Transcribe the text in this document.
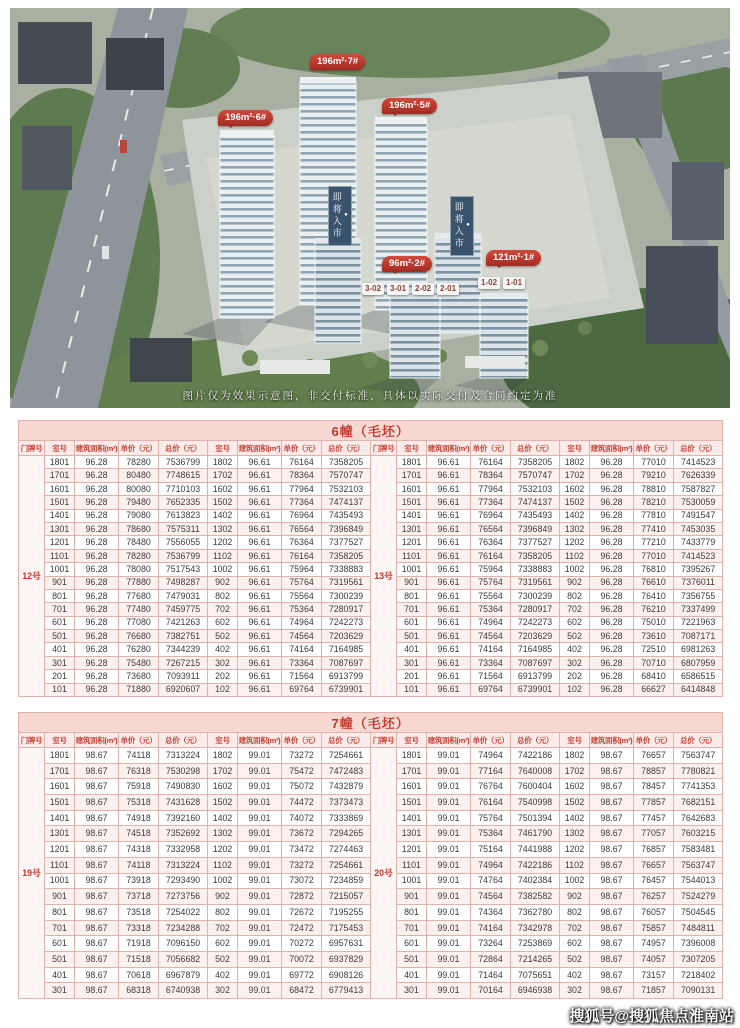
196m²·7#
196m²·5#
196m²·6#
96m²·2#
121m²·1#
● 即将入市	● 即将入市
3-02 3-01 2-02 2-01
1-02 1-01
图片仅为效果示意图，非交付标准，具体以实际交付及合同约定为准
6幢（毛坯）																	
门牌号	室号	建筑面积(m²)	单价（元）	总价（元）	室号	建筑面积(m²)	单价（元）	总价（元）	门牌号	室号	建筑面积(m²)	单价（元）	总价（元）	室号	建筑面积(m²)	单价（元）	总价（元）
12号	1801	96.28	78280	7536799	1802	96.61	76164	7358205	13号	1801	96.61	76164	7358205	1802	96.28	77010	7414523
	1701	96.28	80480	7748615	1702	96.61	78364	7570747		1701	96.61	78364	7570747	1702	96.28	79210	7626339
	1601	96.28	80080	7710103	1602	96.61	77964	7532103		1601	96.61	77964	7532103	1602	96.28	78810	7587827
	1501	96.28	79480	7652335	1502	96.61	77364	7474137		1501	96.61	77364	7474137	1502	96.28	78210	7530059
	1401	96.28	79080	7613823	1402	96.61	76964	7435493		1401	96.61	76964	7435493	1402	96.28	77810	7491547
	1301	96.28	78680	7575311	1302	96.61	76564	7396849		1301	96.61	76564	7396849	1302	96.28	77410	7453035
	1201	96.28	78480	7556055	1202	96.61	76364	7377527		1201	96.61	76364	7377527	1202	96.28	77210	7433779
	1101	96.28	78280	7536799	1102	96.61	76164	7358205		1101	96.61	76164	7358205	1102	96.28	77010	7414523
	1001	96.28	78080	7517543	1002	96.61	75964	7338883		1001	96.61	75964	7338883	1002	96.28	76810	7395267
	901	96.28	77880	7498287	902	96.61	75764	7319561		901	96.61	75764	7319561	902	96.28	76610	7376011
	801	96.28	77680	7479031	802	96.61	75564	7300239		801	96.61	75564	7300239	802	96.28	76410	7356755
	701	96.28	77480	7459775	702	96.61	75364	7280917		701	96.61	75364	7280917	702	96.28	76210	7337499
	601	96.28	77080	7421263	602	96.61	74964	7242273		601	96.61	74964	7242273	602	96.28	75010	7221963
	501	96.28	76680	7382751	502	96.61	74564	7203629		501	96.61	74564	7203629	502	96.28	73610	7087171
	401	96.28	76280	7344239	402	96.61	74164	7164985		401	96.61	74164	7164985	402	96.28	72510	6981263
	301	96.28	75480	7267215	302	96.61	73364	7087697		301	96.61	73364	7087697	302	96.28	70710	6807959
	201	96.28	73680	7093911	202	96.61	71564	6913799		201	96.61	71564	6913799	202	96.28	68410	6586515
	101	96.28	71880	6920607	102	96.61	69764	6739901		101	96.61	69764	6739901	102	96.28	66627	6414848
7幢（毛坯）																	
门牌号	室号	建筑面积(m²)	单价（元）	总价（元）	室号	建筑面积(m²)	单价（元）	总价（元）	门牌号	室号	建筑面积(m²)	单价（元）	总价（元）	室号	建筑面积(m²)	单价（元）	总价（元）
19号	1801	98.67	74118	7313224	1802	99.01	73272	7254661	20号	1801	99.01	74964	7422186	1802	98.67	76657	7563747
	1701	98.67	76318	7530298	1702	99.01	75472	7472483		1701	99.01	77164	7640008	1702	98.67	78857	7780821
	1601	98.67	75918	7490830	1602	99.01	75072	7432879		1601	99.01	76764	7600404	1602	98.67	78457	7741353
	1501	98.67	75318	7431628	1502	99.01	74472	7373473		1501	99.01	76164	7540998	1502	98.67	77857	7682151
	1401	98.67	74918	7392160	1402	99.01	74072	7333869		1401	99.01	75764	7501394	1402	98.67	77457	7642683
	1301	98.67	74518	7352692	1302	99.01	73672	7294265		1301	99.01	75364	7461790	1302	98.67	77057	7603215
	1201	98.67	74318	7332958	1202	99.01	73472	7274463		1201	99.01	75164	7441988	1202	98.67	76857	7583481
	1101	98.67	74118	7313224	1102	99.01	73272	7254661		1101	99.01	74964	7422186	1102	98.67	76657	7563747
	1001	98.67	73918	7293490	1002	99.01	73072	7234859		1001	99.01	74764	7402384	1002	98.67	76457	7544013
	901	98.67	73718	7273756	902	99.01	72872	7215057		901	99.01	74564	7382582	902	98.67	76257	7524279
	801	98.67	73518	7254022	802	99.01	72672	7195255		801	99.01	74364	7362780	802	98.67	76057	7504545
	701	98.67	73318	7234288	702	99.01	72472	7175453		701	99.01	74164	7342978	702	98.67	75857	7484811
	601	98.67	71918	7096150	602	99.01	70272	6957631		601	99.01	73264	7253869	602	98.67	74957	7396008
	501	98.67	71518	7056682	502	99.01	70072	6937829		501	99.01	72864	7214265	502	98.67	74057	7307205
	401	98.67	70618	6967879	402	99.01	69772	6908126		401	99.01	71464	7075651	402	98.67	73157	7218402
	301	98.67	68318	6740938	302	99.01	68472	6779413		301	99.01	70164	6946938	302	98.67	71857	7090131
搜狐号@搜狐焦点淮南站
